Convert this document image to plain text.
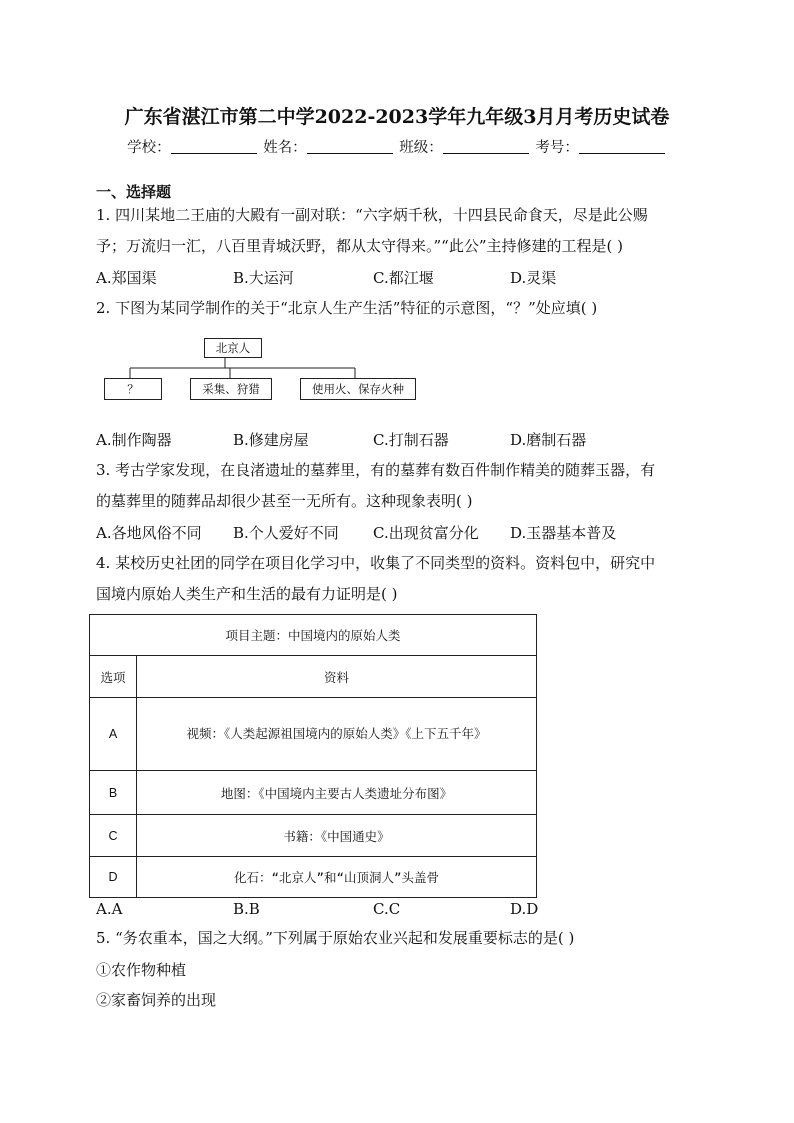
广东省湛江市第二中学2022-2023学年九年级3月月考历史试卷
学校：	姓名：	班级：	考号：
一、选择题
1. 四川某地二王庙的大殿有一副对联：“六字炳千秋，十四县民命食天，尽是此公赐
予；万流归一汇，八百里青城沃野，都从太守得来。”“此公”主持修建的工程是( )
A.郑国渠	B.大运河	C.都江堰	D.灵渠
2. 下图为某同学制作的关于“北京人生产生活”特征的示意图，“？”处应填( )
北京人
？	采集、狩猎	使用火、保存火种
A.制作陶器	B.修建房屋	C.打制石器	D.磨制石器
3. 考古学家发现，在良渚遗址的墓葬里，有的墓葬有数百件制作精美的随葬玉器，有
的墓葬里的随葬品却很少甚至一无所有。这种现象表明( )
A.各地风俗不同 B.个人爱好不同 C.出现贫富分化 D.玉器基本普及
4. 某校历史社团的同学在项目化学习中，收集了不同类型的资料。资料包中，研究中
国境内原始人类生产和生活的最有力证明是( )
项目主题：中国境内的原始人类	
选项	资料
A	视频：《人类起源祖国境内的原始人类》《上下五千年》
B	地图：《中国境内主要古人类遗址分布图》
C	书籍：《中国通史》
D	化石：“北京人”和“山顶洞人”头盖骨
A.A	B.B	C.C	D.D
5. “务农重本，国之大纲。”下列属于原始农业兴起和发展重要标志的是( )
①农作物种植
②家畜饲养的出现
